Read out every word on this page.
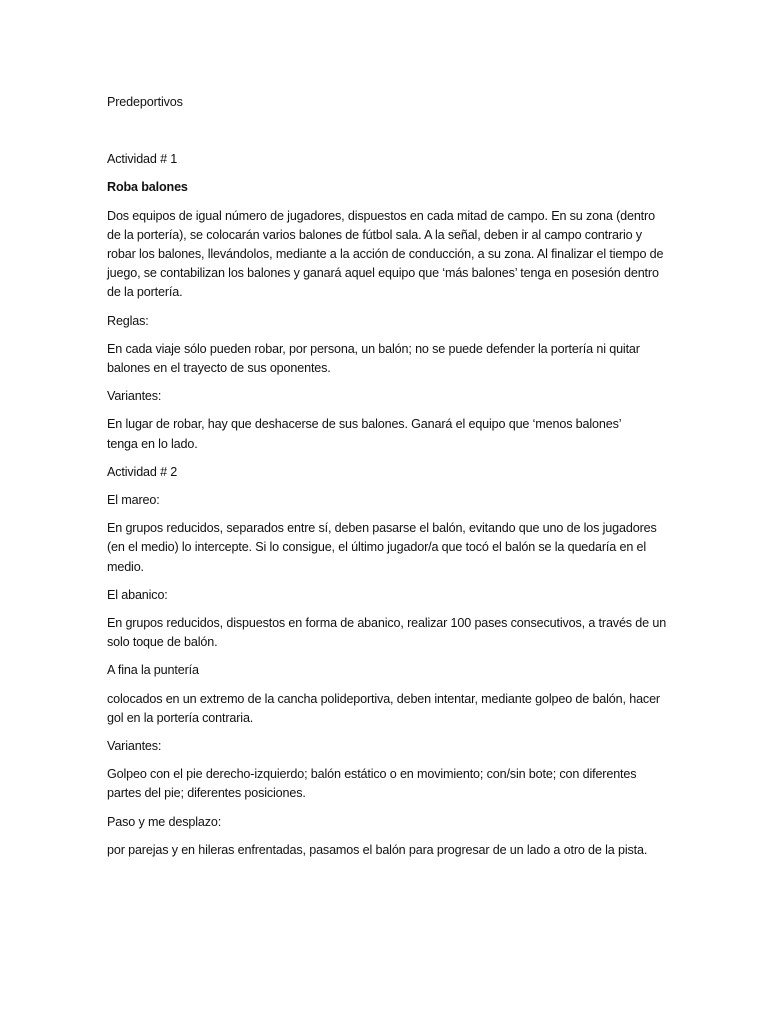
Predeportivos

Actividad # 1

Roba balones

Dos equipos de igual número de jugadores, dispuestos en cada mitad de campo. En su zona (dentro de la portería), se colocarán varios balones de fútbol sala. A la señal, deben ir al campo contrario y robar los balones, llevándolos, mediante a la acción de conducción, a su zona. Al finalizar el tiempo de juego, se contabilizan los balones y ganará aquel equipo que ‘más balones’ tenga en posesión dentro de la portería.

Reglas:

En cada viaje sólo pueden robar, por persona, un balón; no se puede defender la portería ni quitar balones en el trayecto de sus oponentes.

Variantes:

En lugar de robar, hay que deshacerse de sus balones. Ganará el equipo que ‘menos balones’ tenga en lo lado.

Actividad # 2

El mareo:

En grupos reducidos, separados entre sí, deben pasarse el balón, evitando que uno de los jugadores (en el medio) lo intercepte. Si lo consigue, el último jugador/a que tocó el balón se la quedaría en el medio.

El abanico:

En grupos reducidos, dispuestos en forma de abanico, realizar 100 pases consecutivos, a través de un solo toque de balón.

A fina la puntería

colocados en un extremo de la cancha polideportiva, deben intentar, mediante golpeo de balón, hacer gol en la portería contraria.

Variantes:

Golpeo con el pie derecho-izquierdo; balón estático o en movimiento; con/sin bote; con diferentes partes del pie; diferentes posiciones.

Paso y me desplazo:

por parejas y en hileras enfrentadas, pasamos el balón para progresar de un lado a otro de la pista.
